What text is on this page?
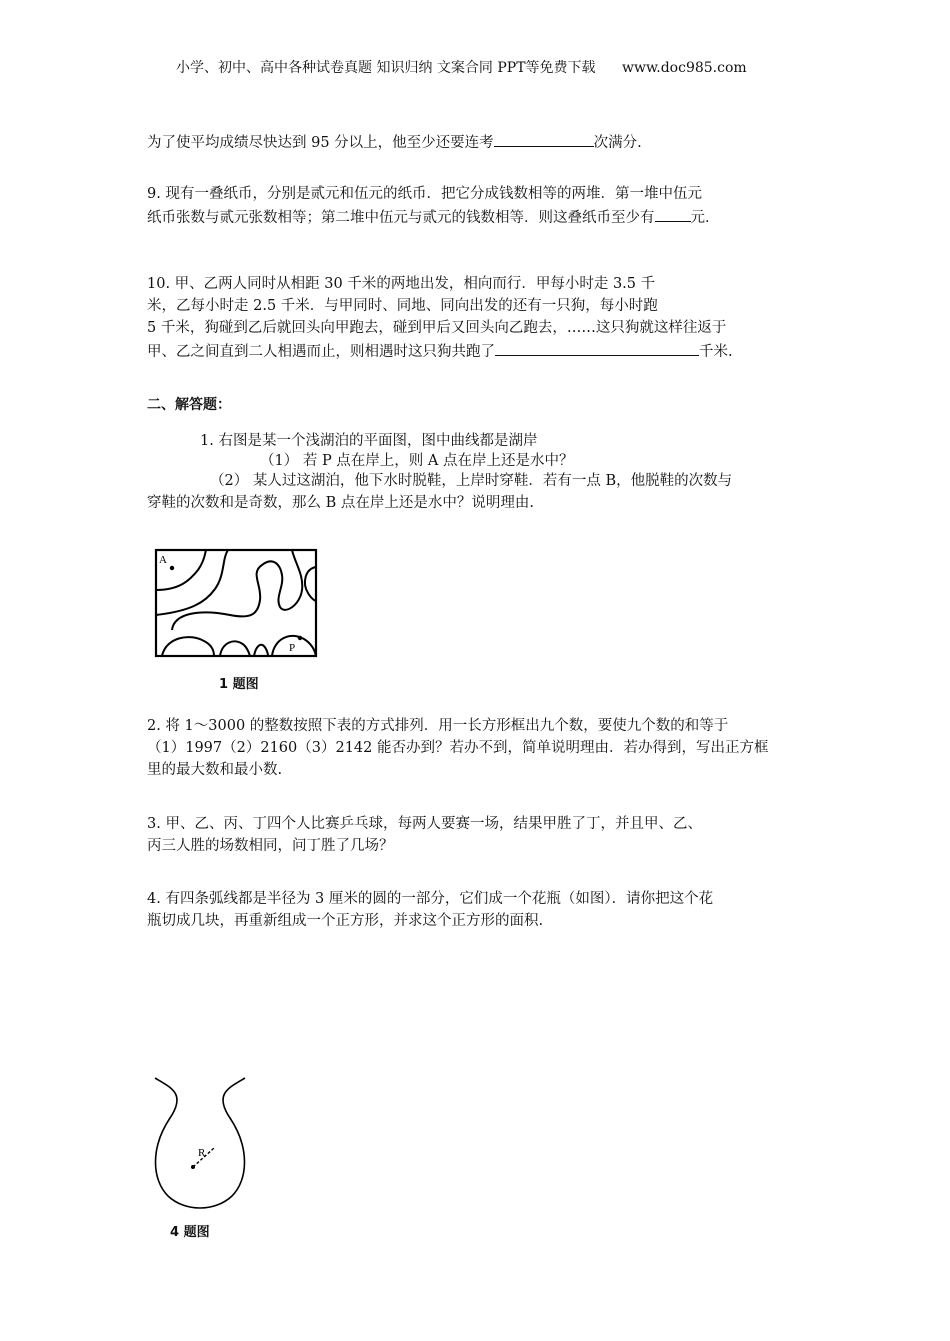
小学、初中、高中各种试卷真题 知识归纳 文案合同 PPT等免费下载 www.doc985.com
为了使平均成绩尽快达到 95 分以上，他至少还要连考	次满分.
9. 现有一叠纸币，分别是贰元和伍元的纸币．把它分成钱数相等的两堆．第一堆中伍元
纸币张数与贰元张数相等；第二堆中伍元与贰元的钱数相等．则这叠纸币至少有 元．
10. 甲、乙两人同时从相距 30 千米的两地出发，相向而行．甲每小时走 3.5 千
米，乙每小时走 2.5 千米．与甲同时、同地、同向出发的还有一只狗，每小时跑
5 千米，狗碰到乙后就回头向甲跑去，碰到甲后又回头向乙跑去，……这只狗就这样往返于
甲、乙之间直到二人相遇而止，则相遇时这只狗共跑了	千米.
二、解答题：
1. 右图是某一个浅湖泊的平面图，图中曲线都是湖岸
（1） 若 P 点在岸上，则 A 点在岸上还是水中？
（2） 某人过这湖泊，他下水时脱鞋，上岸时穿鞋．若有一点 B，他脱鞋的次数与
穿鞋的次数和是奇数，那么 B 点在岸上还是水中？说明理由.
A
P
1 题图
2. 将 1～3000 的整数按照下表的方式排列．用一长方形框出九个数，要使九个数的和等于
（1）1997（2）2160（3）2142 能否办到？若办不到，简单说明理由．若办得到，写出正方框
里的最大数和最小数.
3. 甲、乙、丙、丁四个人比赛乒乓球，每两人要赛一场，结果甲胜了丁，并且甲、乙、
丙三人胜的场数相同，问丁胜了几场？
4. 有四条弧线都是半径为 3 厘米的圆的一部分，它们成一个花瓶（如图）．请你把这个花
瓶切成几块，再重新组成一个正方形，并求这个正方形的面积.
R
4 题图
